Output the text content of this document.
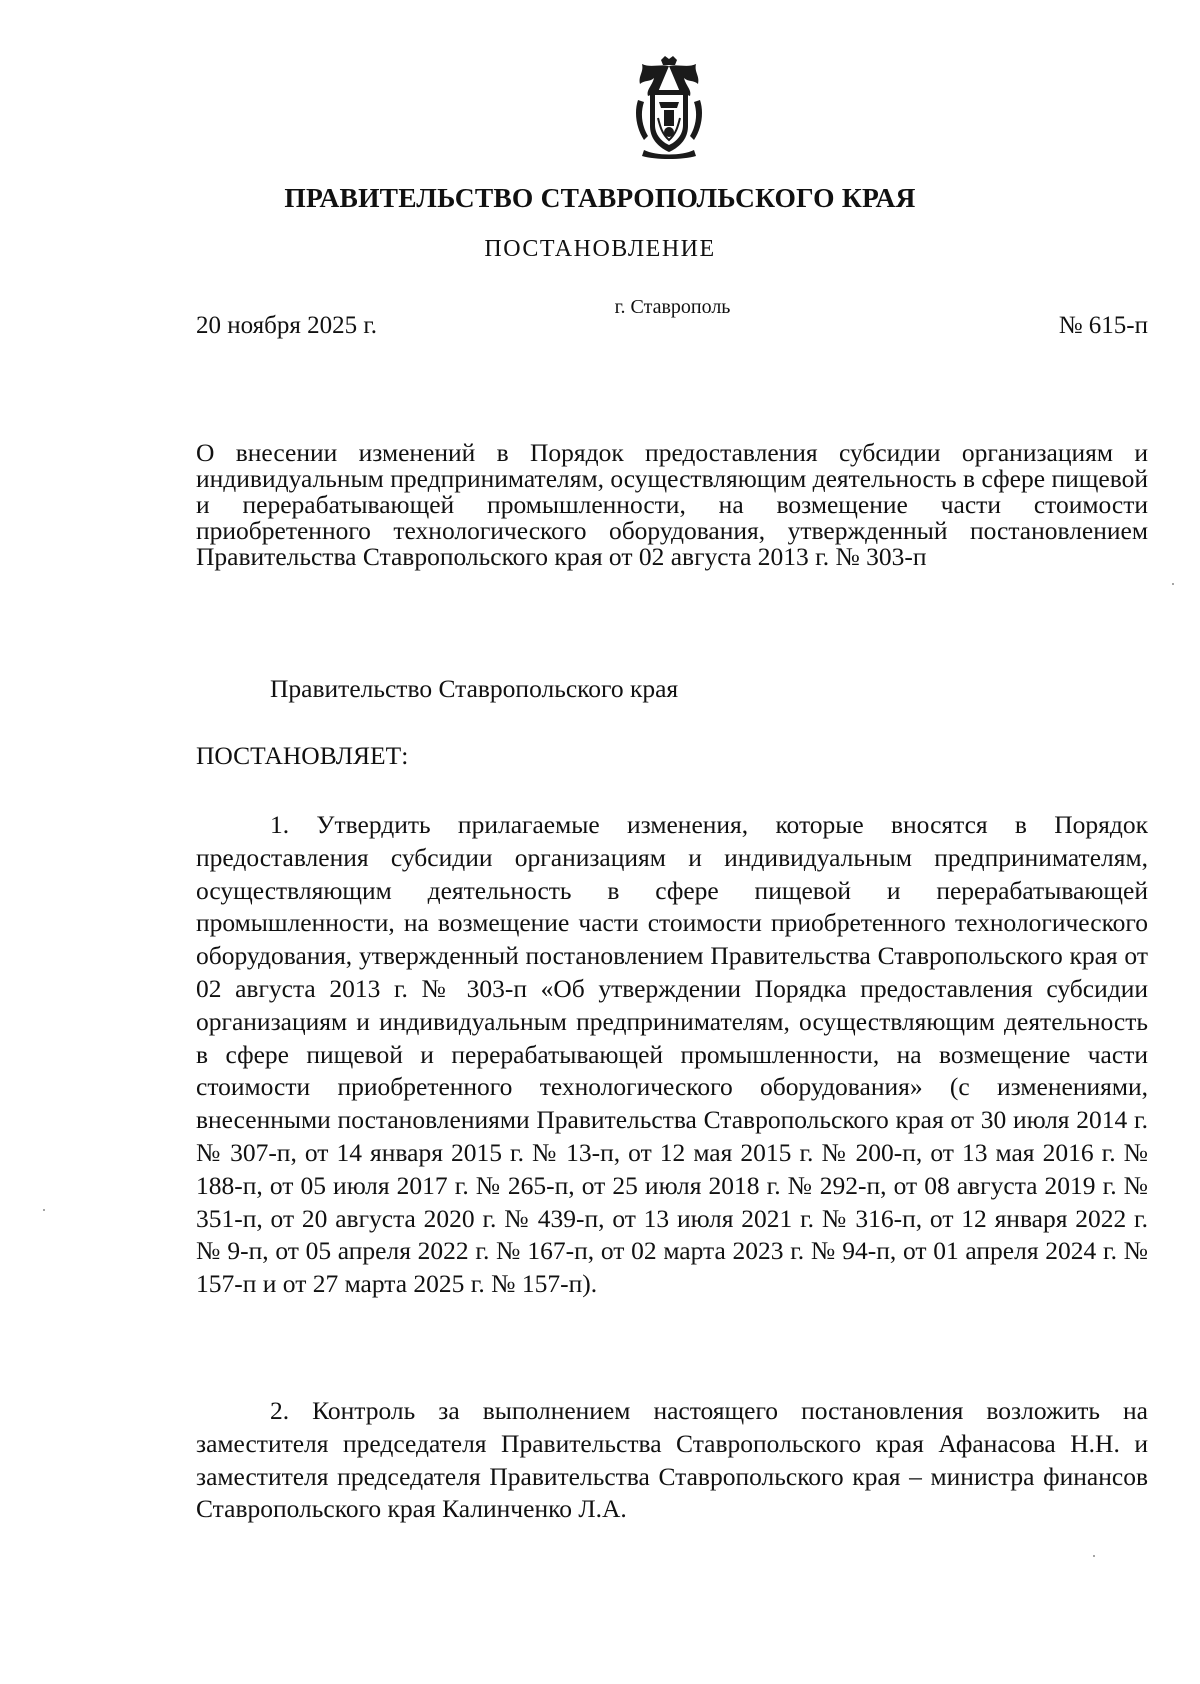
ПРАВИТЕЛЬСТВО СТАВРОПОЛЬСКОГО КРАЯ
ПОСТАНОВЛЕНИЕ
г. Ставрополь
20 ноября 2025 г.	№ 615-п
О внесении изменений в Порядок предоставления субсидии организациям и индивидуальным предпринимателям, осуществляющим деятельность в сфере пищевой и перерабатывающей промышленности, на возмещение части стоимости приобретенного технологического оборудования, утвержденный постановлением Правительства Ставропольского края от 02 августа 2013 г. № 303-п
Правительство Ставропольского края
ПОСТАНОВЛЯЕТ:
1. Утвердить прилагаемые изменения, которые вносятся в Порядок предоставления субсидии организациям и индивидуальным предпринимателям, осуществляющим деятельность в сфере пищевой и перерабатывающей промышленности, на возмещение части стоимости приобретенного технологического оборудования, утвержденный постановлением Правительства Ставропольского края от 02 августа 2013 г. № 303-п «Об утверждении Порядка предоставления субсидии организациям и индивидуальным предпринимателям, осуществляющим деятельность в сфере пищевой и перерабатывающей промышленности, на возмещение части стоимости приобретенного технологического оборудования» (с изменениями, внесенными постановлениями Правительства Ставропольского края от 30 июля 2014 г. № 307-п, от 14 января 2015 г. № 13-п, от 12 мая 2015 г. № 200-п, от 13 мая 2016 г. № 188-п, от 05 июля 2017 г. № 265-п, от 25 июля 2018 г. № 292-п, от 08 августа 2019 г. № 351-п, от 20 августа 2020 г. № 439-п, от 13 июля 2021 г. № 316-п, от 12 января 2022 г. № 9-п, от 05 апреля 2022 г. № 167-п, от 02 марта 2023 г. № 94-п, от 01 апреля 2024 г. № 157-п и от 27 марта 2025 г. № 157-п).
2. Контроль за выполнением настоящего постановления возложить на заместителя председателя Правительства Ставропольского края Афанасова Н.Н. и заместителя председателя Правительства Ставропольского края – министра финансов Ставропольского края Калинченко Л.А.
